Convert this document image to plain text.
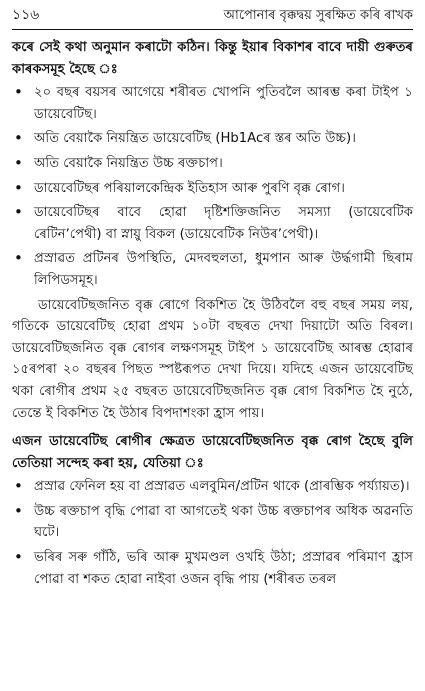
১১৬	আপোনাৰ বৃক্কদ্বয় সুৰক্ষিত কৰি ৰাখক

কৰে সেই কথা অনুমান কৰাটো কঠিন। কিন্তু ইয়াৰ বিকাশৰ বাবে দায়ী গুৰুতৰ কাৰকসমূহ হৈছে ঃ

• ২০ বছৰ বয়সৰ আগেয়ে শৰীৰত খোপনি পুতিবলৈ আৰম্ভ কৰা টাইপ ১ ডায়েবেটিছ।
• অতি বেয়াকৈ নিয়ন্ত্ৰিত ডায়েবেটিছ (Hb1Acৰ স্তৰ অতি উচ্চ)।
• অতি বেয়াকৈ নিয়ন্ত্ৰিত উচ্চ ৰক্তচাপ।
• ডায়েবেটিছৰ পৰিয়ালকেন্দ্ৰিক ইতিহাস আৰু পুৰণি বৃক্ক ৰোগ।
• ডায়েবেটিছৰ বাবে হোৱা দৃষ্টিশক্তিজনিত সমস্যা (ডায়েবেটিক ৰেটিনʼপেথী) বা স্নায়ু বিকল (ডায়েবেটিক নিউৰʼপেথী)।
• প্ৰস্ৰাৱত প্ৰটিনৰ উপস্থিতি, মেদবহুলতা, ধুমপান আৰু উৰ্দ্ধগামী ছিৰাম লিপিডসমূহ।

ডায়েবেটিছজনিত বৃক্ক ৰোগে বিকশিত হৈ উঠিবলৈ বহু বছৰ সময় লয়, গতিকে ডায়েবেটিছ হোৱা প্ৰথম ১০টা বছৰত দেখা দিয়াটো অতি বিৰল। ডায়েবেটিছজনিত বৃক্ক ৰোগৰ লক্ষণসমূহ টাইপ ১ ডায়েবেটিছ আৰম্ভ হোৱাৰ ১৫ৰপৰা ২০ বছৰৰ পিছত স্পষ্টৰূপত দেখা দিয়ে। যদিহে এজন ডায়েবেটিছ থকা ৰোগীৰ প্ৰথম ২৫ বছৰত ডায়েবেটিছজনিত বৃক্ক ৰোগ বিকশিত হৈ নুঠে, তেন্তে ই বিকশিত হৈ উঠাৰ বিপদাশংকা হ্ৰাস পায়।

এজন ডায়েবেটিছ ৰোগীৰ ক্ষেত্ৰত ডায়েবেটিছজনিত বৃক্ক ৰোগ হৈছে বুলি তেতিয়া সন্দেহ কৰা হয়, যেতিয়া ঃ

• প্ৰস্ৰাৱ ফেনিল হয় বা প্ৰস্ৰাৱত এলবুমিন/প্ৰটিন থাকে (প্ৰাৰম্ভিক পৰ্য্যায়ত)।
• উচ্চ ৰক্তচাপ বৃদ্ধি পোৱা বা আগতেই থকা উচ্চ ৰক্তচাপৰ অধিক অৱনতি ঘটে।
• ভৰিৰ সৰু গাঁঠি, ভৰি আৰু মুখমণ্ডল ওখহি উঠা; প্ৰস্ৰাৱৰ পৰিমাণ হ্ৰাস পোৱা বা শকত হোৱা নাইবা ওজন বৃদ্ধি পায় (শৰীৰত তৰল
